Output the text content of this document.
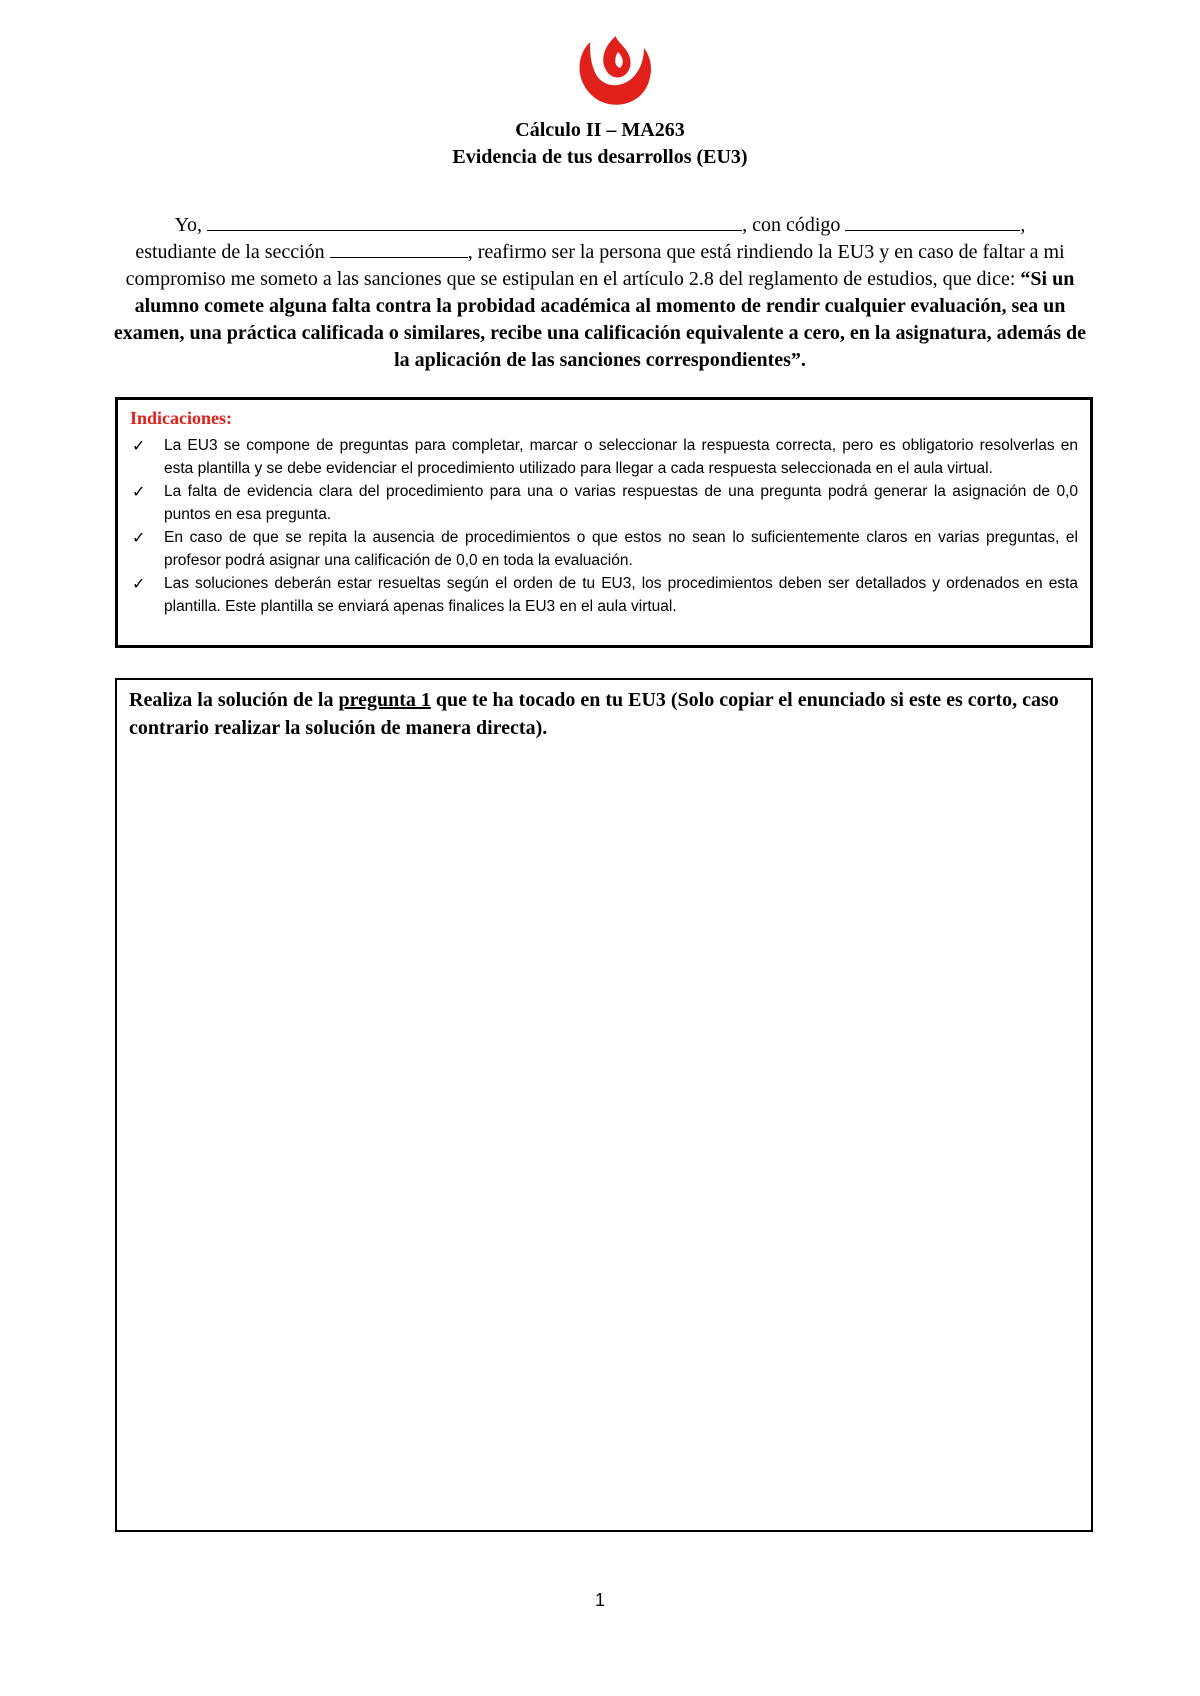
Cálculo II – MA263
Evidencia de tus desarrollos (EU3)
Yo,	, con código	,
estudiante de la sección	, reafirmo ser la persona que está rindiendo la EU3 y en caso de faltar a mi compromiso me someto a las sanciones que se estipulan en el artículo 2.8 del reglamento de estudios, que dice: “Si un alumno comete alguna falta contra la probidad académica al momento de rendir cualquier evaluación, sea un examen, una práctica calificada o similares, recibe una calificación equivalente a cero, en la asignatura, además de la aplicación de las sanciones correspondientes”.
Indicaciones:
✓ La EU3 se compone de preguntas para completar, marcar o seleccionar la respuesta correcta, pero es obligatorio resolverlas en esta plantilla y se debe evidenciar el procedimiento utilizado para llegar a cada respuesta seleccionada en el aula virtual.
✓ La falta de evidencia clara del procedimiento para una o varias respuestas de una pregunta podrá generar la asignación de 0,0 puntos en esa pregunta.
✓ En caso de que se repita la ausencia de procedimientos o que estos no sean lo suficientemente claros en varias preguntas, el profesor podrá asignar una calificación de 0,0 en toda la evaluación.
✓ Las soluciones deberán estar resueltas según el orden de tu EU3, los procedimientos deben ser detallados y ordenados en esta plantilla. Este plantilla se enviará apenas finalices la EU3 en el aula virtual.
Realiza la solución de la pregunta 1 que te ha tocado en tu EU3 (Solo copiar el enunciado si este es corto, caso contrario realizar la solución de manera directa).
1
